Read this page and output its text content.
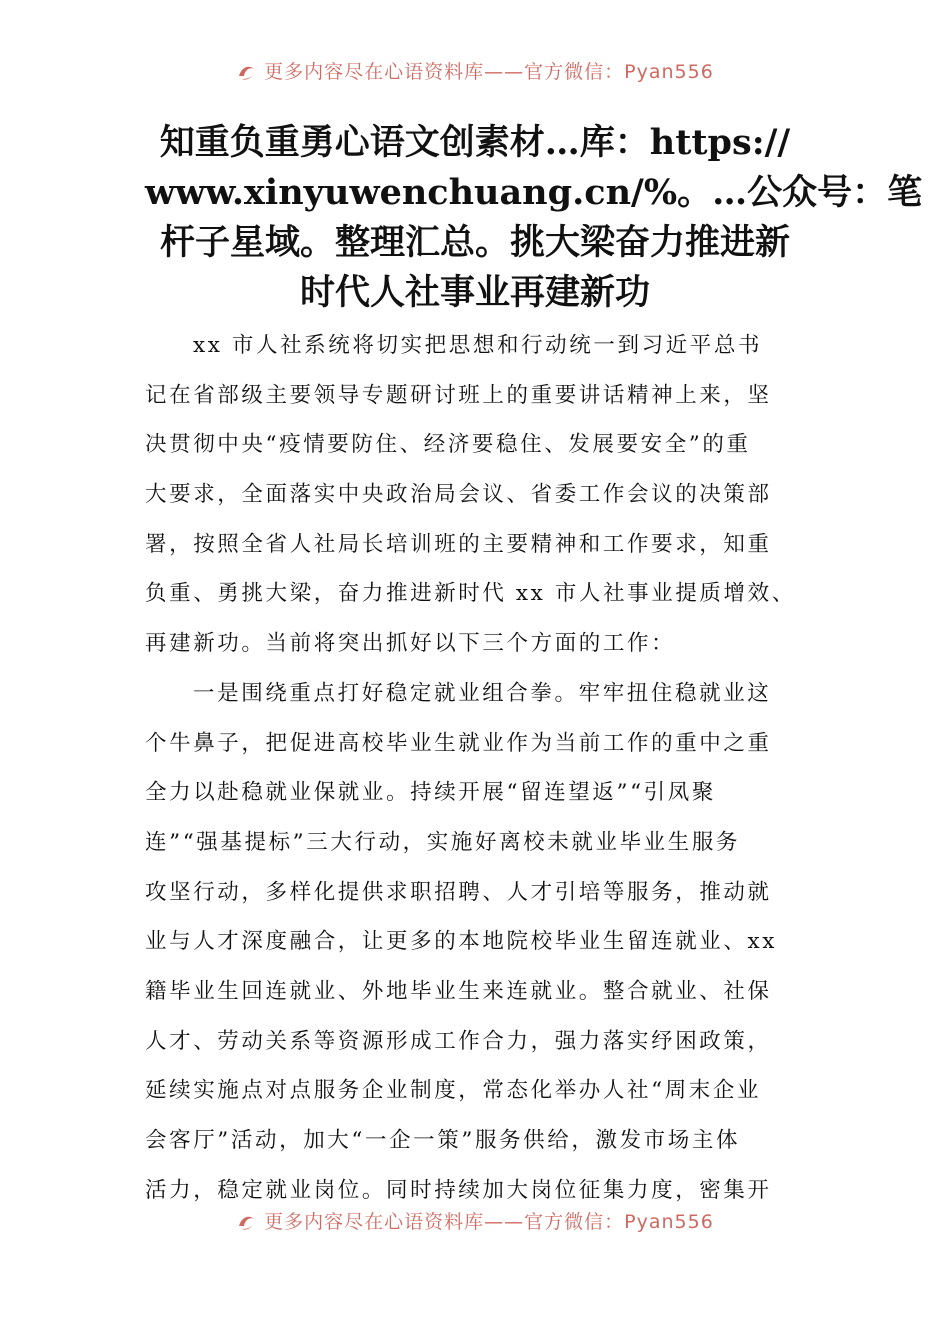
更多内容尽在心语资料库——官方微信：Pyan556
知重负重勇心语文创素材…库：https://
www.xinyuwenchuang.cn/%。…公众号：笔
杆子星域。整理汇总。挑大梁奋力推进新
时代人社事业再建新功
xx 市人社系统将切实把思想和行动统一到习近平总书
记在省部级主要领导专题研讨班上的重要讲话精神上来，坚
决贯彻中央“疫情要防住、经济要稳住、发展要安全”的重
大要求，全面落实中央政治局会议、省委工作会议的决策部
署，按照全省人社局长培训班的主要精神和工作要求，知重
负重、勇挑大梁，奋力推进新时代 xx 市人社事业提质增效、
再建新功。当前将突出抓好以下三个方面的工作：
一是围绕重点打好稳定就业组合拳。牢牢扭住稳就业这
个牛鼻子，把促进高校毕业生就业作为当前工作的重中之重
全力以赴稳就业保就业。持续开展“留连望返”“引凤聚
连”“强基提标”三大行动，实施好离校未就业毕业生服务
攻坚行动，多样化提供求职招聘、人才引培等服务，推动就
业与人才深度融合，让更多的本地院校毕业生留连就业、xx
籍毕业生回连就业、外地毕业生来连就业。整合就业、社保
人才、劳动关系等资源形成工作合力，强力落实纾困政策，
延续实施点对点服务企业制度，常态化举办人社“周末企业
会客厅”活动，加大“一企一策”服务供给，激发市场主体
活力，稳定就业岗位。同时持续加大岗位征集力度，密集开
更多内容尽在心语资料库——官方微信：Pyan556
